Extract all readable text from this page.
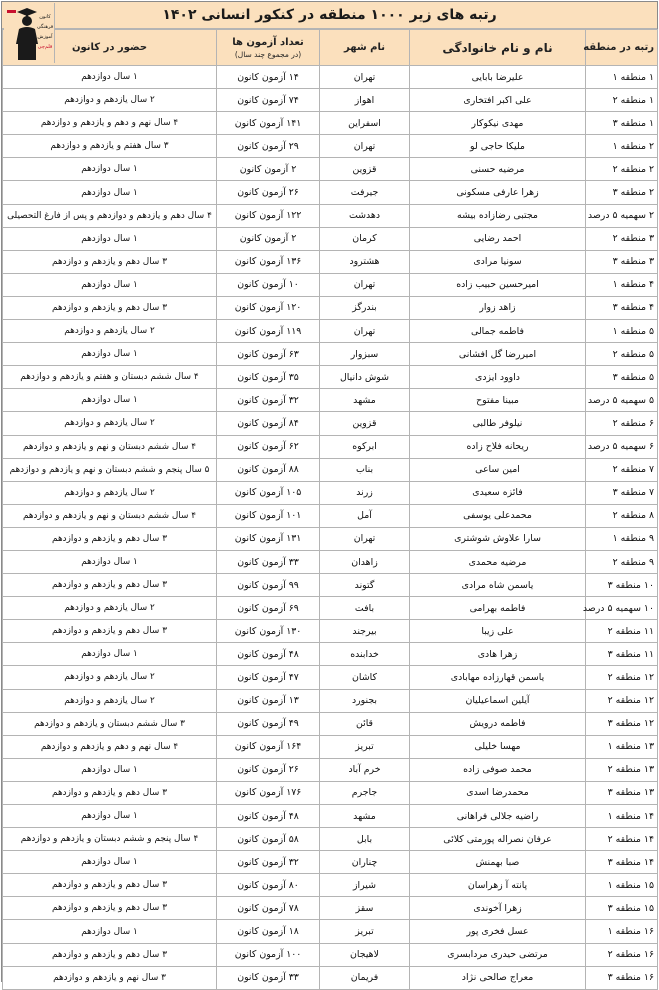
رتبه های زیر ۱۰۰۰ منطقه در کنکور انسانی ۱۴۰۲
رتبه در منطقه	نام و نام خانوادگی	نام شهر	تعداد آزمون ها
(در مجموع چند سال)	حضور در کانون
۱ منطقه ۱	علیرضا بابایی	تهران	۱۴ آزمون کانون	۱ سال دوازدهم
۱ منطقه ۲	علی اکبر افتخاری	اهواز	۷۴ آزمون کانون	۲ سال یازدهم و دوازدهم
۱ منطقه ۳	مهدی نیکوکار	اسفراین	۱۴۱ آزمون کانون	۴ سال نهم و دهم و یازدهم و دوازدهم
۲ منطقه ۱	ملیکا حاجی لو	تهران	۲۹ آزمون کانون	۳ سال هفتم و یازدهم و دوازدهم
۲ منطقه ۲	مرضیه حسنی	قزوین	۲ آزمون کانون	۱ سال دوازدهم
۲ منطقه ۳	زهرا عارفی مسکونی	جیرفت	۲۶ آزمون کانون	۱ سال دوازدهم
۲ سهمیه ۵ درصد	مجتبی رضازاده بیشه	دهدشت	۱۲۲ آزمون کانون	۴ سال دهم و یازدهم و دوازدهم و پس از فارغ التحصیلی
۳ منطقه ۲	احمد رضایی	کرمان	۲ آزمون کانون	۱ سال دوازدهم
۳ منطقه ۳	سونیا مرادی	هشترود	۱۳۶ آزمون کانون	۳ سال دهم و یازدهم و دوازدهم
۴ منطقه ۱	امیرحسین حبیب زاده	تهران	۱۰ آزمون کانون	۱ سال دوازدهم
۴ منطقه ۳	زاهد زوار	بندرگز	۱۲۰ آزمون کانون	۳ سال دهم و یازدهم و دوازدهم
۵ منطقه ۱	فاطمه جمالی	تهران	۱۱۹ آزمون کانون	۲ سال یازدهم و دوازدهم
۵ منطقه ۲	امیررضا گل افشانی	سبزوار	۶۳ آزمون کانون	۱ سال دوازدهم
۵ منطقه ۳	داوود ایزدی	شوش دانیال	۳۵ آزمون کانون	۴ سال ششم دبستان و هفتم و یازدهم و دوازدهم
۵ سهمیه ۵ درصد	مبینا مفتوح	مشهد	۳۲ آزمون کانون	۱ سال دوازدهم
۶ منطقه ۲	نیلوفر طالبی	قزوین	۸۴ آزمون کانون	۲ سال یازدهم و دوازدهم
۶ سهمیه ۵ درصد	ریحانه فلاح زاده	ابرکوه	۶۲ آزمون کانون	۴ سال ششم دبستان و نهم و یازدهم و دوازدهم
۷ منطقه ۲	امین ساعی	بناب	۸۸ آزمون کانون	۵ سال پنجم و ششم دبستان و نهم و یازدهم و دوازدهم
۷ منطقه ۳	فائزه سعیدی	زرند	۱۰۵ آزمون کانون	۲ سال یازدهم و دوازدهم
۸ منطقه ۲	محمدعلی یوسفی	آمل	۱۰۱ آزمون کانون	۴ سال ششم دبستان و نهم و یازدهم و دوازدهم
۹ منطقه ۱	سارا علاوش شوشتری	تهران	۱۳۱ آزمون کانون	۳ سال دهم و یازدهم و دوازدهم
۹ منطقه ۲	مرضیه محمدی	زاهدان	۳۳ آزمون کانون	۱ سال دوازدهم
۱۰ منطقه ۳	یاسمن شاه مرادی	گتوند	۹۹ آزمون کانون	۳ سال دهم و یازدهم و دوازدهم
۱۰ سهمیه ۵ درصد	فاطمه بهرامی	بافت	۶۹ آزمون کانون	۲ سال یازدهم و دوازدهم
۱۱ منطقه ۲	علی زیبا	بیرجند	۱۳۰ آزمون کانون	۳ سال دهم و یازدهم و دوازدهم
۱۱ منطقه ۳	زهرا هادی	خدابنده	۴۸ آزمون کانون	۱ سال دوازدهم
۱۲ منطقه ۲	یاسمن قهارزاده مهابادی	کاشان	۴۷ آزمون کانون	۲ سال یازدهم و دوازدهم
۱۲ منطقه ۲	آیلین اسماعیلیان	بجنورد	۱۳ آزمون کانون	۲ سال یازدهم و دوازدهم
۱۲ منطقه ۳	فاطمه درویش	قائن	۴۹ آزمون کانون	۳ سال ششم دبستان و یازدهم و دوازدهم
۱۳ منطقه ۱	مهسا خلیلی	تبریز	۱۶۴ آزمون کانون	۴ سال نهم و دهم و یازدهم و دوازدهم
۱۳ منطقه ۲	محمد صوفی زاده	خرم آباد	۲۶ آزمون کانون	۱ سال دوازدهم
۱۳ منطقه ۳	محمدرضا اسدی	جاجرم	۱۷۶ آزمون کانون	۳ سال دهم و یازدهم و دوازدهم
۱۴ منطقه ۱	راضیه جلالی فراهانی	مشهد	۴۸ آزمون کانون	۱ سال دوازدهم
۱۴ منطقه ۲	عرفان نصراله پورمتی کلائی	بابل	۵۸ آزمون کانون	۴ سال پنجم و ششم دبستان و یازدهم و دوازدهم
۱۴ منطقه ۳	صبا بهمنش	چناران	۳۲ آزمون کانون	۱ سال دوازدهم
۱۵ منطقه ۱	پانته آ زهراسان	شیراز	۸۰ آزمون کانون	۳ سال دهم و یازدهم و دوازدهم
۱۵ منطقه ۳	زهرا آخوندی	سقز	۷۸ آزمون کانون	۳ سال دهم و یازدهم و دوازدهم
۱۶ منطقه ۱	عسل فخری پور	تبریز	۱۸ آزمون کانون	۱ سال دوازدهم
۱۶ منطقه ۲	مرتضی حیدری مردابسری	لاهیجان	۱۰۰ آزمون کانون	۳ سال دهم و یازدهم و دوازدهم
۱۶ منطقه ۳	معراج صالحی نژاد	فریمان	۳۳ آزمون کانون	۳ سال نهم و یازدهم و دوازدهم
کانون
فرهنگی
آموزش
قلم‌چی
